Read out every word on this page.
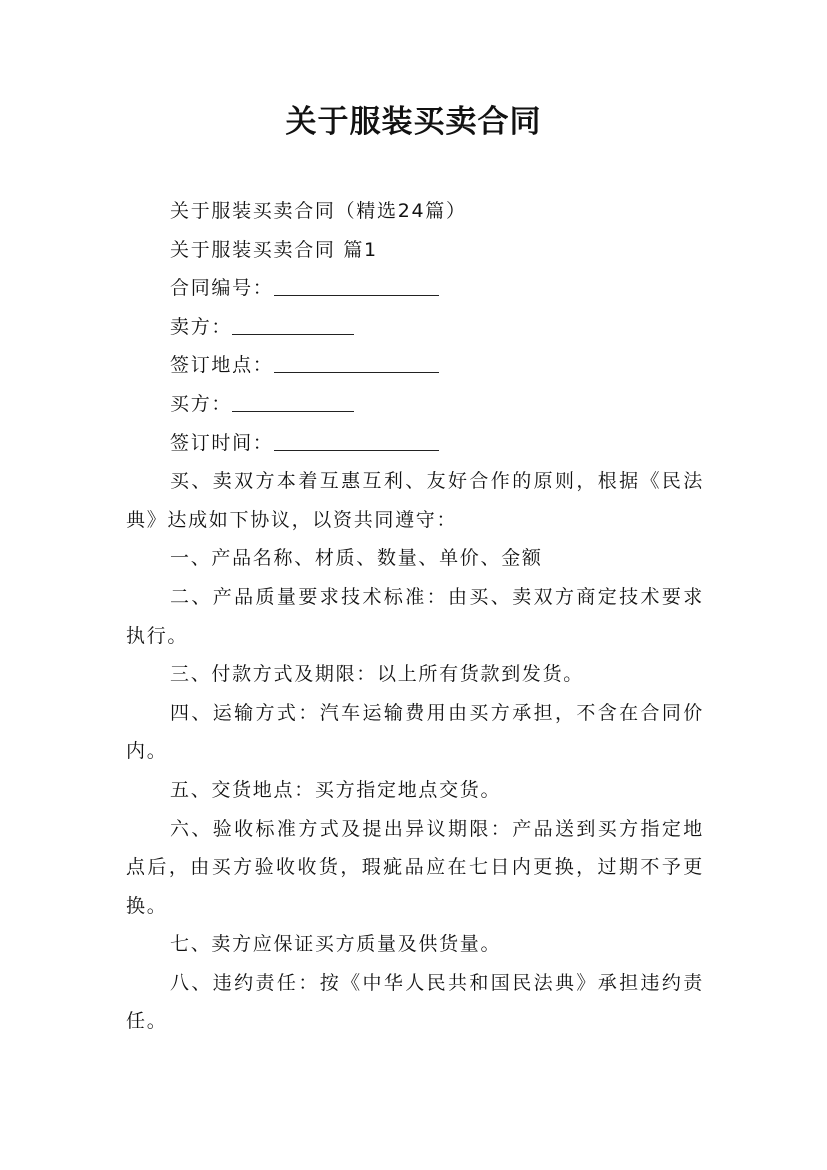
关于服装买卖合同

关于服装买卖合同（精选24篇）

关于服装买卖合同 篇1

合同编号：

卖方：

签订地点：

买方：

签订时间：

买、卖双方本着互惠互利、友好合作的原则，根据《民法典》达成如下协议，以资共同遵守：

一、产品名称、材质、数量、单价、金额

二、产品质量要求技术标准：由买、卖双方商定技术要求执行。

三、付款方式及期限：以上所有货款到发货。

四、运输方式：汽车运输费用由买方承担，不含在合同价内。

五、交货地点：买方指定地点交货。

六、验收标准方式及提出异议期限：产品送到买方指定地点后，由买方验收收货，瑕疵品应在七日内更换，过期不予更换。

七、卖方应保证买方质量及供货量。

八、违约责任：按《中华人民共和国民法典》承担违约责任。
